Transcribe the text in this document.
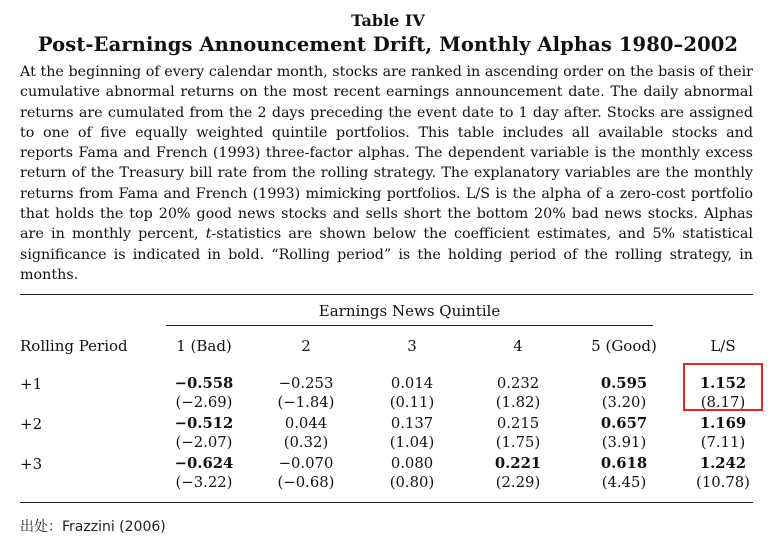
Table IV
Post-Earnings Announcement Drift, Monthly Alphas 1980–2002
At the beginning of every calendar month, stocks are ranked in ascending order on the basis of their cumulative abnormal returns on the most recent earnings announcement date. The daily abnormal returns are cumulated from the 2 days preceding the event date to 1 day after. Stocks are assigned to one of five equally weighted quintile portfolios. This table includes all available stocks and reports Fama and French (1993) three-factor alphas. The dependent variable is the monthly excess return of the Treasury bill rate from the rolling strategy. The explanatory variables are the monthly returns from Fama and French (1993) mimicking portfolios. L/S is the alpha of a zero-cost portfolio that holds the top 20% good news stocks and sells short the bottom 20% bad news stocks. Alphas are in monthly percent, t-statistics are shown below the coefficient estimates, and 5% statistical significance is indicated in bold. “Rolling period” is the holding period of the rolling strategy, in months.
Earnings News Quintile
Rolling Period	1 (Bad)	2	3	4	5 (Good)	L/S
+1	−0.558	−0.253	0.014	0.232	0.595	1.152
(−2.69)	(−1.84)	(0.11)	(1.82)	(3.20)	(8.17)
+2	−0.512	0.044	0.137	0.215	0.657	1.169
(−2.07)	(0.32)	(1.04)	(1.75)	(3.91)	(7.11)
+3	−0.624	−0.070	0.080	0.221	0.618	1.242
(−3.22)	(−0.68)	(0.80)	(2.29)	(4.45)	(10.78)
出处：Frazzini (2006)
